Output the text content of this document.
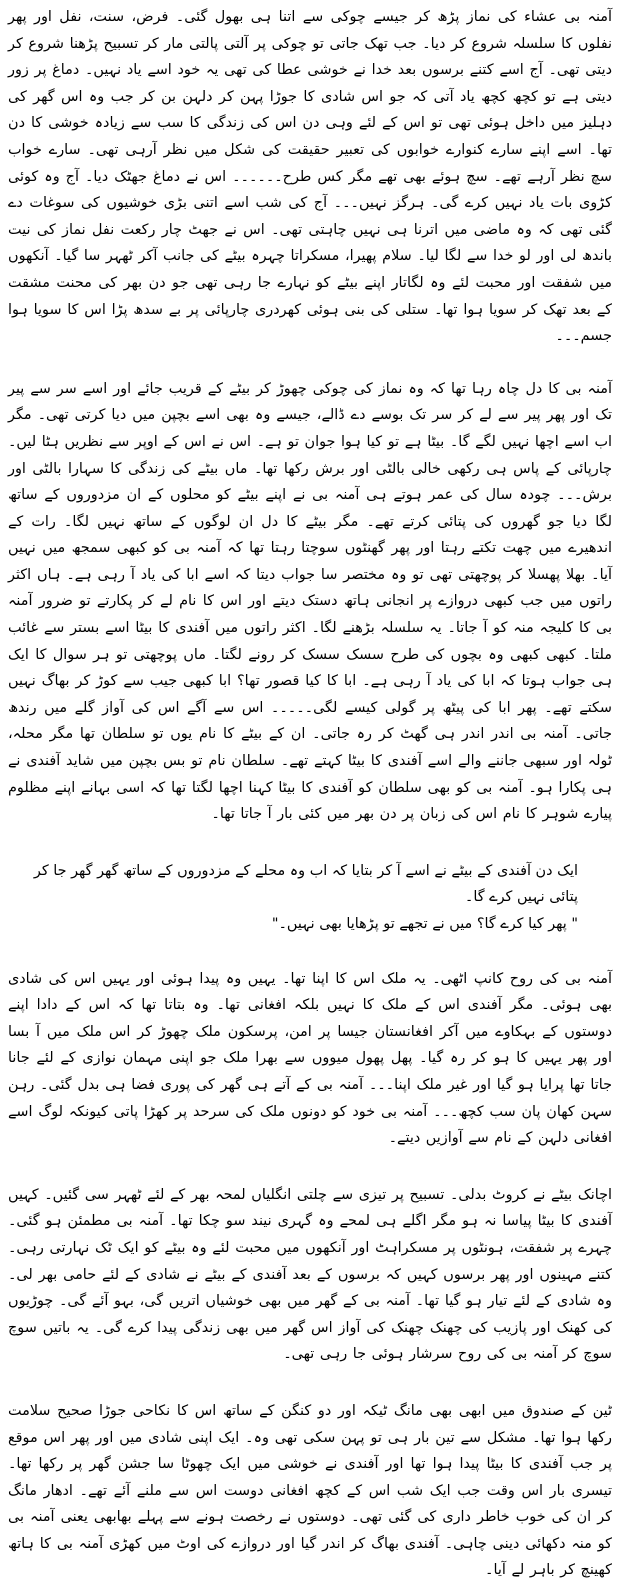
آمنہ بی عشاء کی نماز پڑھ کر جیسے چوکی سے اتنا ہی بھول گئی۔ فرض، سنت، نفل اور پھر نفلوں کا سلسلہ شروع کر دیا۔ جب تھک جاتی تو چوکی پر آلتی پالتی مار کر تسبیح پڑھنا شروع کر دیتی تھی۔ آج اسے کتنے برسوں بعد خدا نے خوشی عطا کی تھی یہ خود اسے یاد نہیں۔ دماغ پر زور دیتی ہے تو کچھ کچھ یاد آتی کہ جو اس شادی کا جوڑا پہن کر دلہن بن کر جب وہ اس گھر کی دہلیز میں داخل ہوئی تھی تو اس کے لئے وہی دن اس کی زندگی کا سب سے زیادہ خوشی کا دن تھا۔ اسے اپنے سارے کنوارے خوابوں کی تعبیر حقیقت کی شکل میں نظر آرہی تھی۔ سارے خواب سچ نظر آرہے تھے۔ سچ ہوئے بھی تھے مگر کس طرح۔۔۔۔۔۔ اس نے دماغ جھٹک دیا۔ آج وہ کوئی کڑوی بات یاد نہیں کرے گی۔ ہرگز نہیں۔۔۔ آج کی شب اسے اتنی بڑی خوشیوں کی سوغات دے گئی تھی کہ وہ ماضی میں اترنا ہی نہیں چاہتی تھی۔ اس نے جھٹ چار رکعت نفل نماز کی نیت باندھ لی اور لو خدا سے لگا لیا۔ سلام پھیرا، مسکراتا چہرہ بیٹے کی جانب آکر ٹھہر سا گیا۔ آنکھوں میں شفقت اور محبت لئے وہ لگاتار اپنے بیٹے کو نہارے جا رہی تھی جو دن بھر کی محنت مشقت کے بعد تھک کر سویا ہوا تھا۔ ستلی کی بنی ہوئی کھردری چارپائی پر بے سدھ پڑا اس کا سویا ہوا جسم۔۔۔

آمنہ بی کا دل چاہ رہا تھا کہ وہ نماز کی چوکی چھوڑ کر بیٹے کے قریب جائے اور اسے سر سے پیر تک اور پھر پیر سے لے کر سر تک بوسے دے ڈالے، جیسے وہ بھی اسے بچپن میں دیا کرتی تھی۔ مگر اب اسے اچھا نہیں لگے گا۔ بیٹا ہے تو کیا ہوا جوان تو ہے۔ اس نے اس کے اوپر سے نظریں ہٹا لیں۔ چارپائی کے پاس ہی رکھی خالی بالٹی اور برش رکھا تھا۔ ماں بیٹے کی زندگی کا سہارا بالٹی اور برش۔۔۔ چودہ سال کی عمر ہوتے ہی آمنہ بی نے اپنے بیٹے کو محلوں کے ان مزدوروں کے ساتھ لگا دیا جو گھروں کی پتائی کرتے تھے۔ مگر بیٹے کا دل ان لوگوں کے ساتھ نہیں لگا۔ رات کے اندھیرے میں چھت تکتے رہتا اور پھر گھنٹوں سوچتا رہتا تھا کہ آمنہ بی کو کبھی سمجھ میں نہیں آیا۔ بھلا پھسلا کر پوچھتی تھی تو وہ مختصر سا جواب دیتا کہ اسے ابا کی یاد آ رہی ہے۔ ہاں اکثر راتوں میں جب کبھی دروازے پر انجانی ہاتھ دستک دیتے اور اس کا نام لے کر پکارتے تو ضرور آمنہ بی کا کلیجہ منہ کو آ جاتا۔ یہ سلسلہ بڑھنے لگا۔ اکثر راتوں میں آفندی کا بیٹا اسے بستر سے غائب ملتا۔ کبھی کبھی وہ بچوں کی طرح سسک سسک کر رونے لگتا۔ ماں پوچھتی تو ہر سوال کا ایک ہی جواب ہوتا کہ ابا کی یاد آ رہی ہے۔ ابا کا کیا قصور تھا؟ ابا کبھی جیب سے کوڑ کر بھاگ نہیں سکتے تھے۔ پھر ابا کی پیٹھ پر گولی کیسے لگی۔۔۔۔۔ اس سے آگے اس کی آواز گلے میں رندھ جاتی۔ آمنہ بی اندر اندر ہی گھٹ کر رہ جاتی۔ ان کے بیٹے کا نام یوں تو سلطان تھا مگر محلہ، ٹولہ اور سبھی جاننے والے اسے آفندی کا بیٹا کہتے تھے۔ سلطان نام تو بس بچپن میں شاید آفندی نے ہی پکارا ہو۔ آمنہ بی کو بھی سلطان کو آفندی کا بیٹا کہنا اچھا لگتا تھا کہ اسی بہانے اپنے مظلوم پیارے شوہر کا نام اس کی زبان پر دن بھر میں کئی بار آ جاتا تھا۔

ایک دن آفندی کے بیٹے نے اسے آ کر بتایا کہ اب وہ محلے کے مزدوروں کے ساتھ گھر گھر جا کر پتائی نہیں کرے گا۔

" پھر کیا کرے گا؟ میں نے تجھے تو پڑھایا بھی نہیں۔"

آمنہ بی کی روح کانپ اٹھی۔ یہ ملک اس کا اپنا تھا۔ یہیں وہ پیدا ہوئی اور یہیں اس کی شادی بھی ہوئی۔ مگر آفندی اس کے ملک کا نہیں بلکہ افغانی تھا۔ وہ بتاتا تھا کہ اس کے دادا اپنے دوستوں کے بہکاوے میں آکر افغانستان جیسا پر امن، پرسکون ملک چھوڑ کر اس ملک میں آ بسا اور پھر یہیں کا ہو کر رہ گیا۔ پھل پھول میووں سے بھرا ملک جو اپنی مہمان نوازی کے لئے جانا جاتا تھا پرایا ہو گیا اور غیر ملک اپنا۔۔۔ آمنہ بی کے آتے ہی گھر کی پوری فضا ہی بدل گئی۔ رہن سہن کھان پان سب کچھ۔۔۔ آمنہ بی خود کو دونوں ملک کی سرحد پر کھڑا پاتی کیونکہ لوگ اسے افغانی دلہن کے نام سے آوازیں دیتے۔

اچانک بیٹے نے کروٹ بدلی۔ تسبیح پر تیزی سے چلتی انگلیاں لمحہ بھر کے لئے ٹھہر سی گئیں۔ کہیں آفندی کا بیٹا پیاسا نہ ہو مگر اگلے ہی لمحے وہ گہری نیند سو چکا تھا۔ آمنہ بی مطمئن ہو گئی۔ چہرے پر شفقت، ہونٹوں پر مسکراہٹ اور آنکھوں میں محبت لئے وہ بیٹے کو ایک ٹک نہارتی رہی۔ کتنے مہینوں اور پھر برسوں کہیں کہ برسوں کے بعد آفندی کے بیٹے نے شادی کے لئے حامی بھر لی۔ وہ شادی کے لئے تیار ہو گیا تھا۔ آمنہ بی کے گھر میں بھی خوشیاں اتریں گی، بہو آئے گی۔ چوڑیوں کی کھنک اور پازیب کی چھنک چھنک کی آواز اس گھر میں بھی زندگی پیدا کرے گی۔ یہ باتیں سوچ سوچ کر آمنہ بی کی روح سرشار ہوئی جا رہی تھی۔

ٹین کے صندوق میں ابھی بھی مانگ ٹیکہ اور دو کنگن کے ساتھ اس کا نکاحی جوڑا صحیح سلامت رکھا ہوا تھا۔ مشکل سے تین بار ہی تو پہن سکی تھی وہ۔ ایک اپنی شادی میں اور پھر اس موقع پر جب آفندی کا بیٹا پیدا ہوا تھا اور آفندی نے خوشی میں ایک چھوٹا سا جشن گھر پر رکھا تھا۔ تیسری بار اس وقت جب ایک شب اس کے کچھ افغانی دوست اس سے ملنے آئے تھے۔ ادھار مانگ کر ان کی خوب خاطر داری کی گئی تھی۔ دوستوں نے رخصت ہونے سے پہلے بھابھی یعنی آمنہ بی کو منہ دکھائی دینی چاہی۔ آفندی بھاگ کر اندر گیا اور دروازے کی اوٹ میں کھڑی آمنہ بی کا ہاتھ کھینچ کر باہر لے آیا۔
